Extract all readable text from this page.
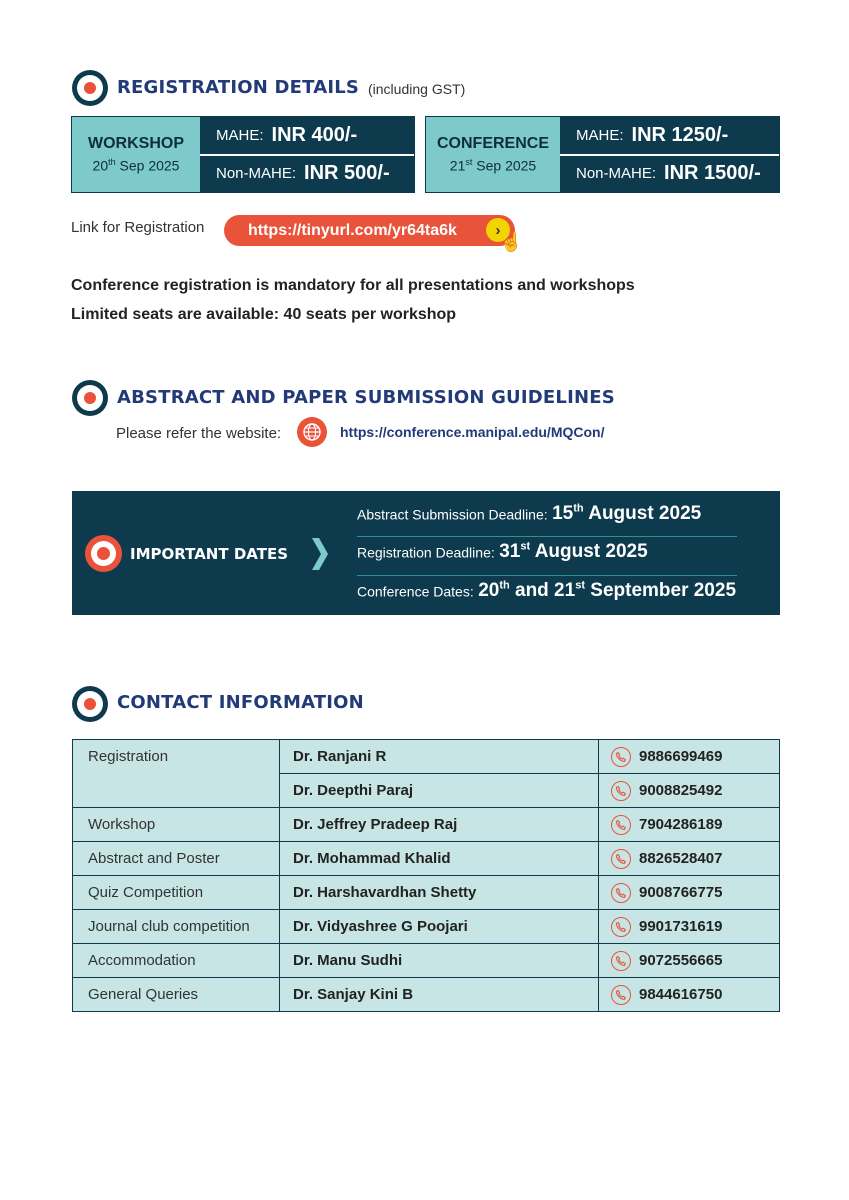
REGISTRATION DETAILS (including GST)
WORKSHOP
20th Sep 2025
MAHE: INR 400/-
Non-MAHE: INR 500/-
CONFERENCE
21st Sep 2025
MAHE: INR 1250/-
Non-MAHE: INR 1500/-
Link for Registration	https://tinyurl.com/yr64ta6k	›
☝
Conference registration is mandatory for all presentations and workshops
Limited seats are available: 40 seats per workshop
ABSTRACT AND PAPER SUBMISSION GUIDELINES
Please refer the website:	https://conference.manipal.edu/MQCon/
IMPORTANT DATES
Abstract Submission Deadline: 15th August 2025
Registration Deadline: 31st August 2025
Conference Dates: 20th and 21st September 2025
CONTACT INFORMATION
Registration	Dr. Ranjani R	9886699469
	Dr. Deepthi Paraj	9008825492
Workshop	Dr. Jeffrey Pradeep Raj	7904286189
Abstract and Poster	Dr. Mohammad Khalid	8826528407
Quiz Competition	Dr. Harshavardhan Shetty	9008766775
Journal club competition	Dr. Vidyashree G Poojari	9901731619
Accommodation	Dr. Manu Sudhi	9072556665
General Queries	Dr. Sanjay Kini B	9844616750
